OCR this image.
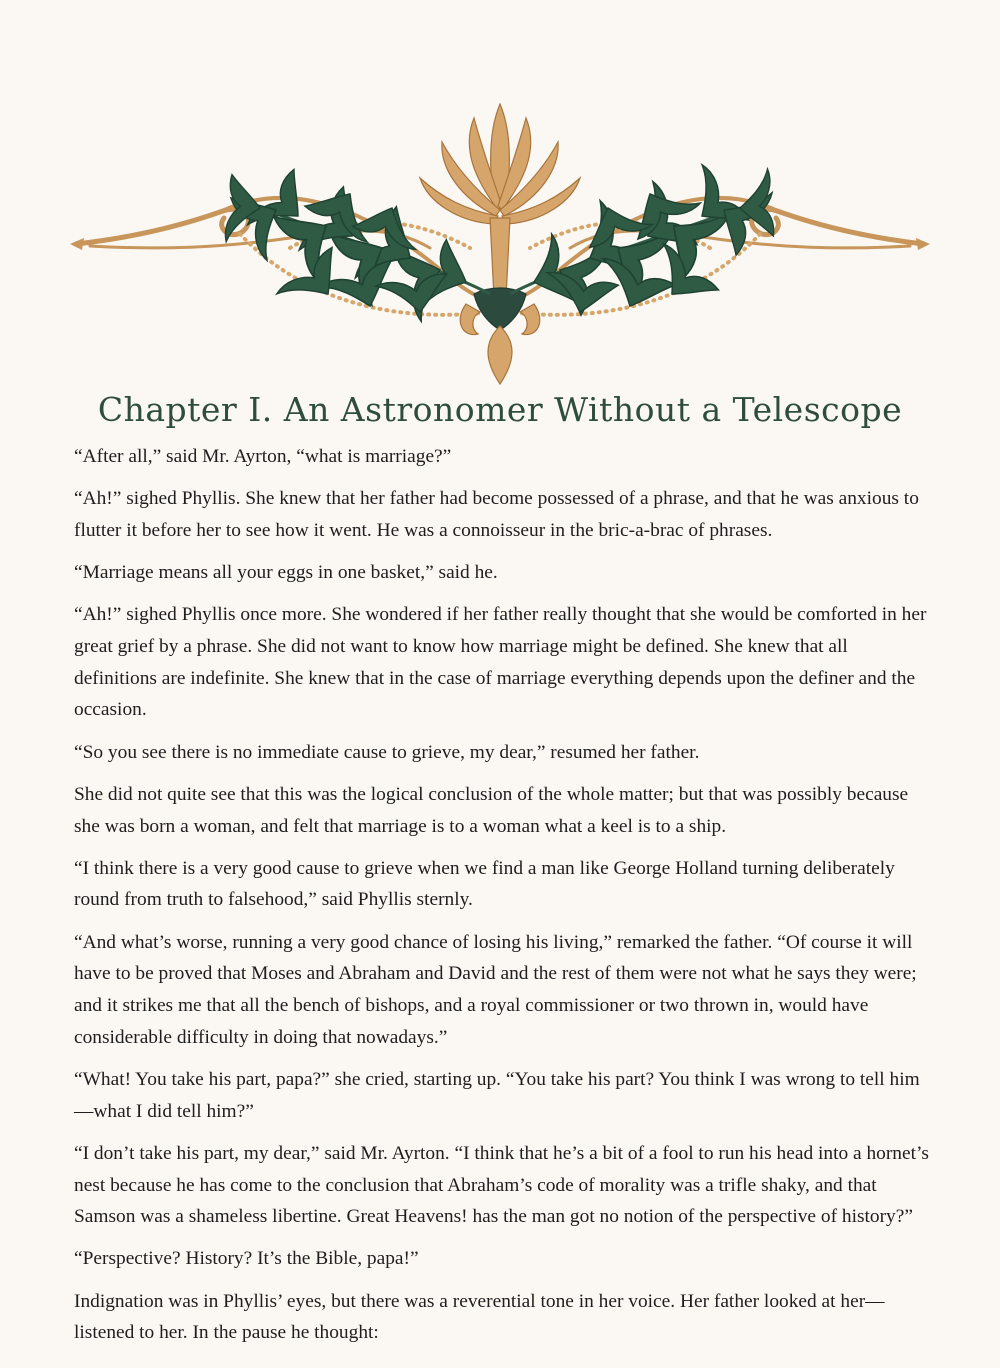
Chapter I. An Astronomer Without a Telescope

“After all,” said Mr. Ayrton, “what is marriage?”

“Ah!” sighed Phyllis. She knew that her father had become possessed of a phrase, and that he was anxious to flutter it before her to see how it went. He was a connoisseur in the bric-a-brac of phrases.

“Marriage means all your eggs in one basket,” said he.

“Ah!” sighed Phyllis once more. She wondered if her father really thought that she would be comforted in her great grief by a phrase. She did not want to know how marriage might be defined. She knew that all definitions are indefinite. She knew that in the case of marriage everything depends upon the definer and the occasion.

“So you see there is no immediate cause to grieve, my dear,” resumed her father.

She did not quite see that this was the logical conclusion of the whole matter; but that was possibly because she was born a woman, and felt that marriage is to a woman what a keel is to a ship.

“I think there is a very good cause to grieve when we find a man like George Holland turning deliberately round from truth to falsehood,” said Phyllis sternly.

“And what’s worse, running a very good chance of losing his living,” remarked the father. “Of course it will have to be proved that Moses and Abraham and David and the rest of them were not what he says they were; and it strikes me that all the bench of bishops, and a royal commissioner or two thrown in, would have considerable difficulty in doing that nowadays.”

“What! You take his part, papa?” she cried, starting up. “You take his part? You think I was wrong to tell him —what I did tell him?”

“I don’t take his part, my dear,” said Mr. Ayrton. “I think that he’s a bit of a fool to run his head into a hornet’s nest because he has come to the conclusion that Abraham’s code of morality was a trifle shaky, and that Samson was a shameless libertine. Great Heavens! has the man got no notion of the perspective of history?”

“Perspective? History? It’s the Bible, papa!”

Indignation was in Phyllis’ eyes, but there was a reverential tone in her voice. Her father looked at her—listened to her. In the pause he thought:
